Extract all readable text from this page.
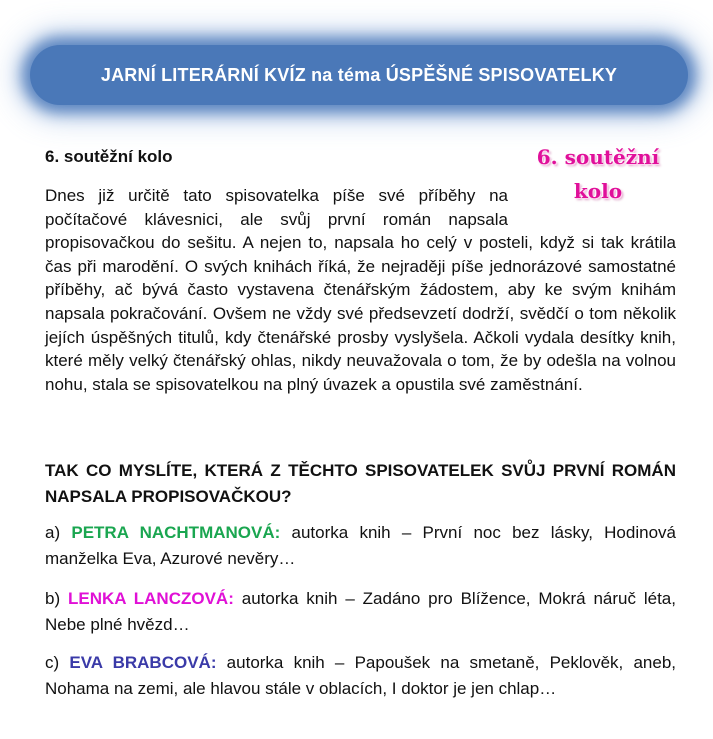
JARNÍ LITERÁRNÍ KVÍZ na téma ÚSPĚŠNÉ SPISOVATELKY
6. soutěžní kolo	6. soutěžní
kolo

Dnes již určitě tato spisovatelka píše své příběhy na počítačové klávesnici, ale svůj první román napsala propisovačkou do sešitu. A nejen to, napsala ho celý v posteli, když si tak krátila čas při marodění. O svých knihách říká, že nejraději píše jednorázové samostatné příběhy, ač bývá často vystavena čtenářským žádostem, aby ke svým knihám napsala pokračování. Ovšem ne vždy své předsevzetí dodrží, svědčí o tom několik jejích úspěšných titulů, kdy čtenářské prosby vyslyšela. Ačkoli vydala desítky knih, které měly velký čtenářský ohlas, nikdy neuvažovala o tom, že by odešla na volnou nohu, stala se spisovatelkou na plný úvazek a opustila své zaměstnání.

TAK CO MYSLÍTE, KTERÁ Z TĚCHTO SPISOVATELEK SVŮJ PRVNÍ ROMÁN NAPSALA PROPISOVAČKOU?
a) PETRA NACHTMANOVÁ: autorka knih – První noc bez lásky, Hodinová manželka Eva, Azurové nevěry…
b) LENKA LANCZOVÁ: autorka knih – Zadáno pro Blížence, Mokrá náruč léta, Nebe plné hvězd…
c) EVA BRABCOVÁ: autorka knih – Papoušek na smetaně, Peklověk, aneb, Nohama na zemi, ale hlavou stále v oblacích, I doktor je jen chlap…
